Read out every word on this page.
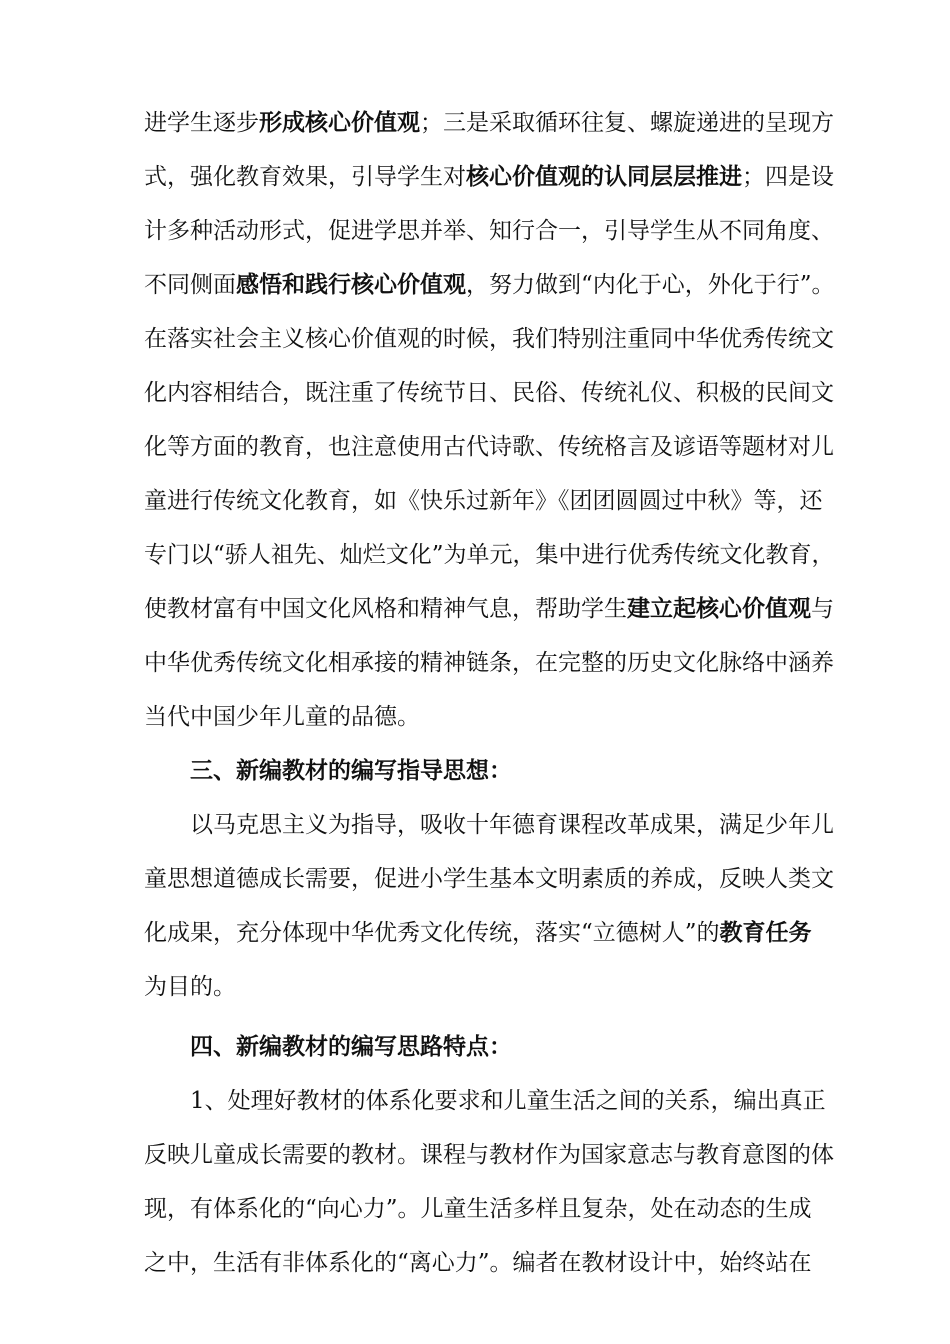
进学生逐步形成核心价值观；三是采取循环往复、螺旋递进的呈现方
式，强化教育效果，引导学生对核心价值观的认同层层推进；四是设
计多种活动形式，促进学思并举、知行合一，引导学生从不同角度、
不同侧面感悟和践行核心价值观，努力做到“内化于心，外化于行”。
在落实社会主义核心价值观的时候，我们特别注重同中华优秀传统文
化内容相结合，既注重了传统节日、民俗、传统礼仪、积极的民间文
化等方面的教育，也注意使用古代诗歌、传统格言及谚语等题材对儿
童进行传统文化教育，如《快乐过新年》《团团圆圆过中秋》等，还
专门以“骄人祖先、灿烂文化”为单元，集中进行优秀传统文化教育，
使教材富有中国文化风格和精神气息，帮助学生建立起核心价值观与
中华优秀传统文化相承接的精神链条，在完整的历史文化脉络中涵养
当代中国少年儿童的品德。
三、新编教材的编写指导思想：
以马克思主义为指导，吸收十年德育课程改革成果，满足少年儿
童思想道德成长需要，促进小学生基本文明素质的养成，反映人类文
化成果，充分体现中华优秀文化传统，落实“立德树人”的教育任务
为目的。
四、新编教材的编写思路特点：
1、处理好教材的体系化要求和儿童生活之间的关系，编出真正
反映儿童成长需要的教材。课程与教材作为国家意志与教育意图的体
现，有体系化的“向心力”。儿童生活多样且复杂，处在动态的生成
之中，生活有非体系化的“离心力”。编者在教材设计中，始终站在
